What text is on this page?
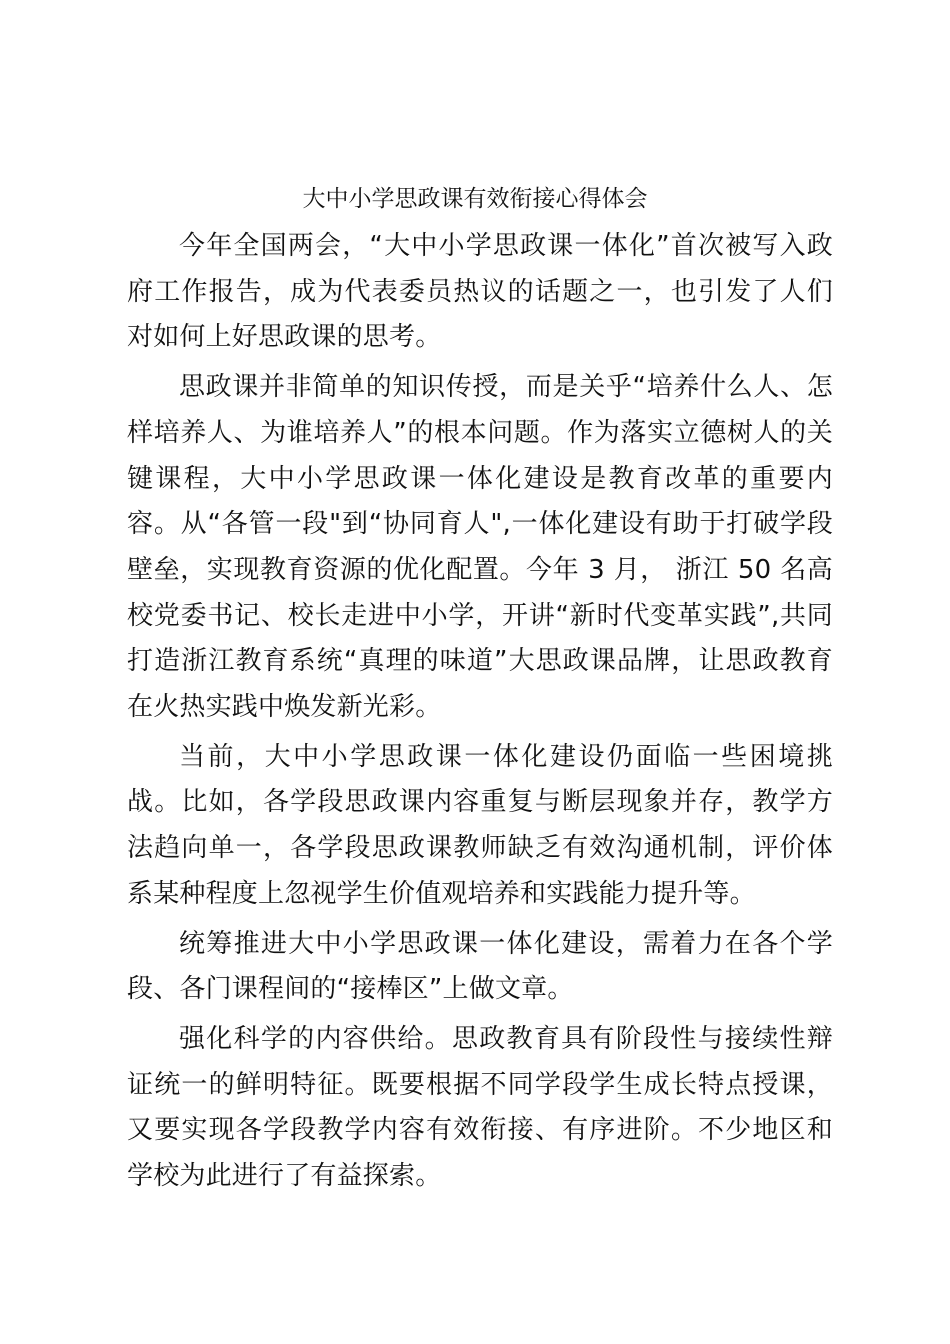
大中小学思政课有效衔接心得体会

今年全国两会，“大中小学思政课一体化”首次被写入政府工作报告，成为代表委员热议的话题之一，也引发了人们对如何上好思政课的思考。

思政课并非简单的知识传授，而是关乎“培养什么人、怎样培养人、为谁培养人”的根本问题。作为落实立德树人的关键课程，大中小学思政课一体化建设是教育改革的重要内容。从“各管一段"到“协同育人",一体化建设有助于打破学段壁垒，实现教育资源的优化配置。今年 3 月， 浙江 50 名高校党委书记、校长走进中小学，开讲“新时代变革实践”,共同打造浙江教育系统“真理的味道”大思政课品牌，让思政教育在火热实践中焕发新光彩。

当前，大中小学思政课一体化建设仍面临一些困境挑战。比如，各学段思政课内容重复与断层现象并存，教学方法趋向单一，各学段思政课教师缺乏有效沟通机制，评价体系某种程度上忽视学生价值观培养和实践能力提升等。

统筹推进大中小学思政课一体化建设，需着力在各个学段、各门课程间的“接棒区”上做文章。

强化科学的内容供给。思政教育具有阶段性与接续性辩证统一的鲜明特征。既要根据不同学段学生成长特点授课，又要实现各学段教学内容有效衔接、有序进阶。不少地区和学校为此进行了有益探索。
